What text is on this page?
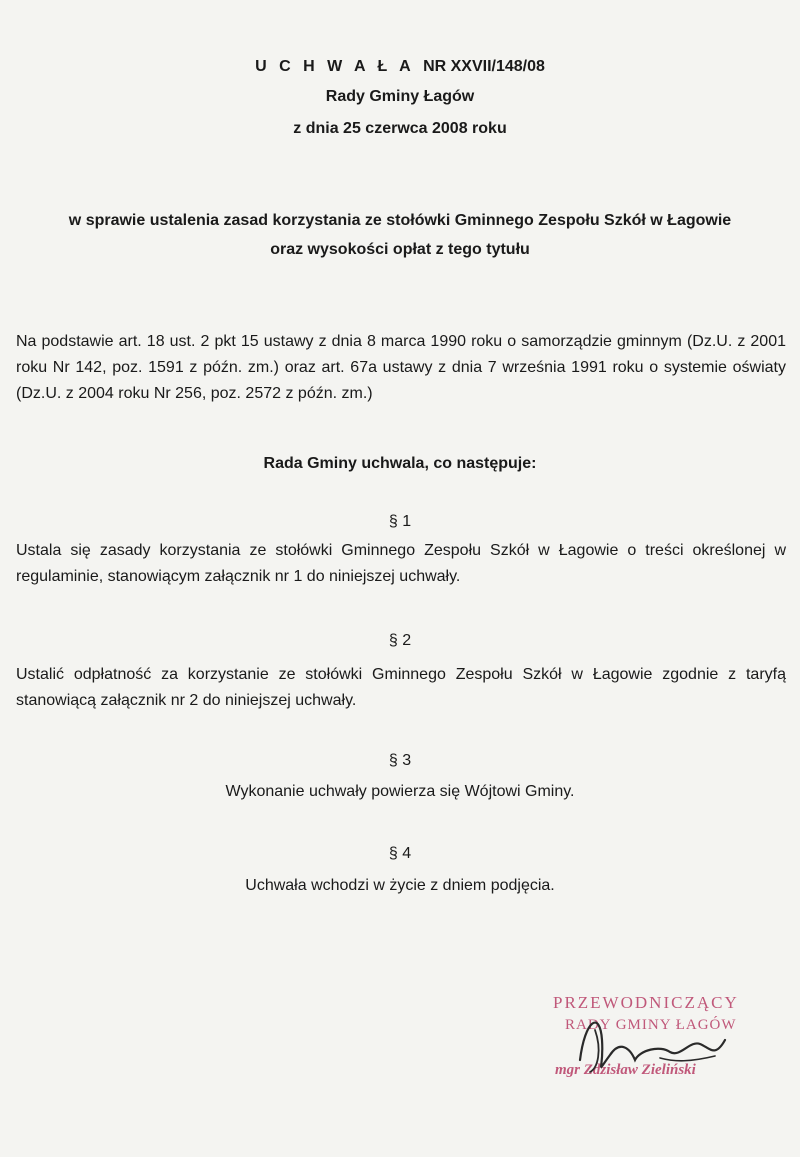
U C H W A Ł A NR XXVII/148/08
Rady Gminy Łagów
z dnia 25 czerwca 2008 roku
w sprawie ustalenia zasad korzystania ze stołówki Gminnego Zespołu Szkół w Łagowie
oraz wysokości opłat z tego tytułu
Na podstawie art. 18 ust. 2 pkt 15 ustawy z dnia 8 marca 1990 roku o samorządzie gminnym (Dz.U. z 2001 roku Nr 142, poz. 1591 z późn. zm.) oraz art. 67a ustawy z dnia 7 września 1991 roku o systemie oświaty (Dz.U. z 2004 roku Nr 256, poz. 2572 z późn. zm.)
Rada Gminy uchwala, co następuje:
§ 1
Ustala się zasady korzystania ze stołówki Gminnego Zespołu Szkół w Łagowie o treści określonej w regulaminie, stanowiącym załącznik nr 1 do niniejszej uchwały.
§ 2
Ustalić odpłatność za korzystanie ze stołówki Gminnego Zespołu Szkół w Łagowie zgodnie z taryfą stanowiącą załącznik nr 2 do niniejszej uchwały.
§ 3
Wykonanie uchwały powierza się Wójtowi Gminy.
§ 4
Uchwała wchodzi w życie z dniem podjęcia.
PRZEWODNICZĄCY
RADY GMINY ŁAGÓW
mgr Zdzisław Zieliński
